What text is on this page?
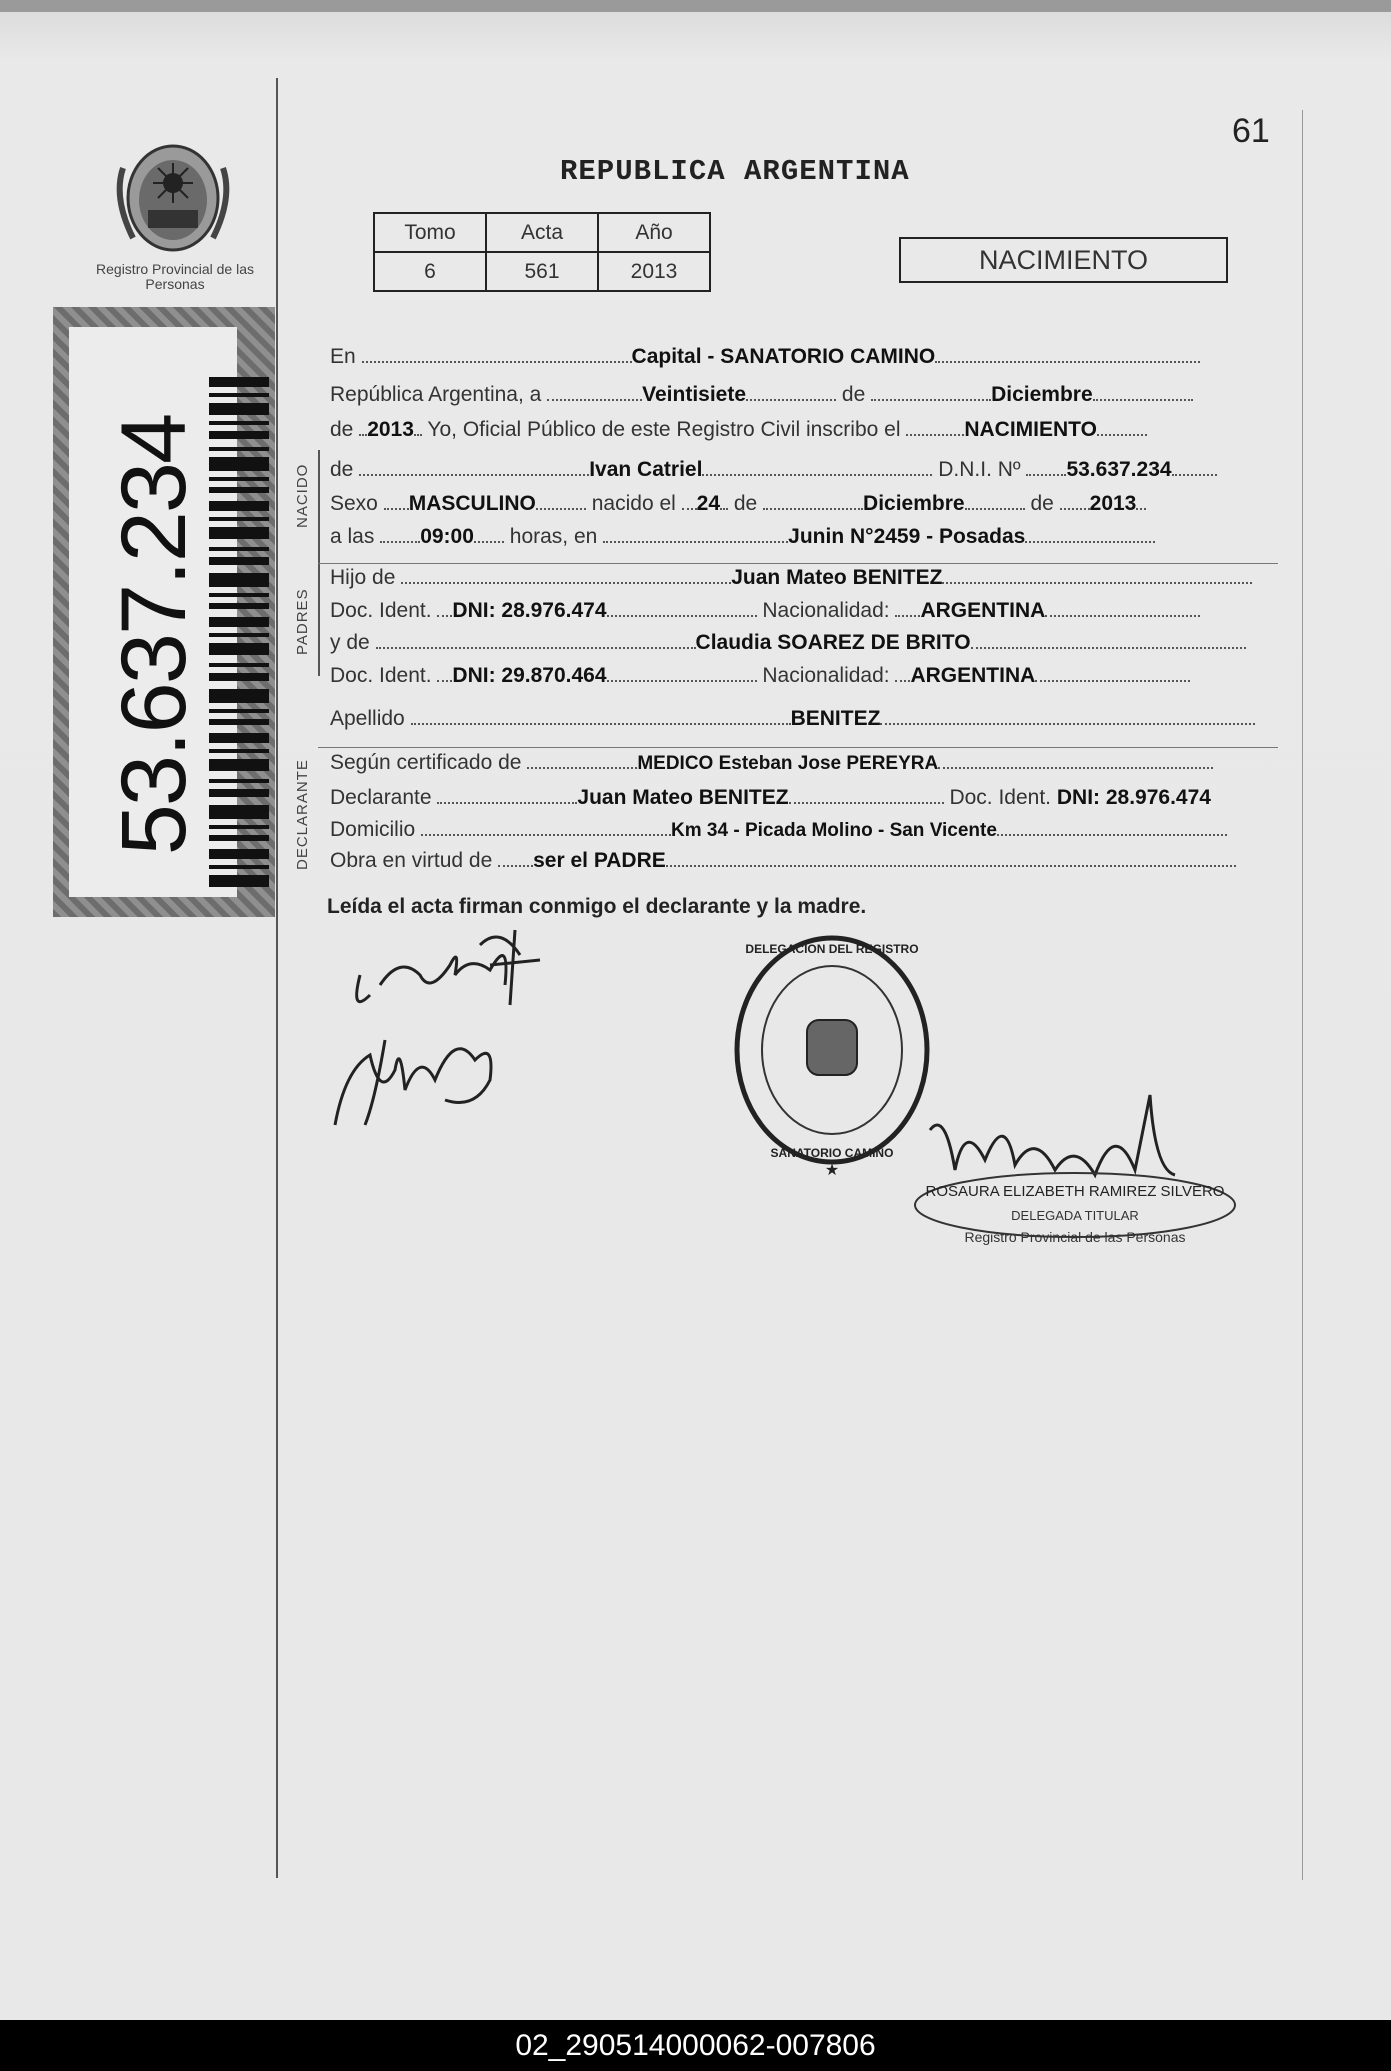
61
REPUBLICA ARGENTINA
Tomo	Acta	Año
6	561	2013	NACIMIENTO
Registro Provincial de las Personas
53.637.234	NACIDO
PADRES
DECLARANTE
En	Capital - SANATORIO CAMINO
República Argentina, a	Veintisiete	de	Diciembre
de 2013 Yo, Oficial Público de este Registro Civil inscribo el	NACIMIENTO
de	Ivan Catriel	D.N.I. Nº 53.637.234
Sexo MASCULINO	nacido el 24 de	Diciembre	de 2013
a las 09:00 horas, en	Junin N°2459 - Posadas
Hijo de	Juan Mateo BENITEZ
Doc. Ident. DNI: 28.976.474	Nacionalidad: ARGENTINA
y de	Claudia SOAREZ DE BRITO
Doc. Ident. DNI: 29.870.464	Nacionalidad: ARGENTINA
Apellido	BENITEZ
Según certificado de	MEDICO Esteban Jose PEREYRA
Declarante	Juan Mateo BENITEZ	Doc. Ident. DNI: 28.976.474
Domicilio	Km 34 - Picada Molino - San Vicente
Obra en virtud de ser el PADRE
Leída el acta firman conmigo el declarante y la madre.
DELEGACION DEL REGISTRO
SANATORIO CAMINO
★
ROSAURA ELIZABETH RAMIREZ SILVERO
DELEGADA TITULAR
Registro Provincial de las Personas
02_290514000062-007806
